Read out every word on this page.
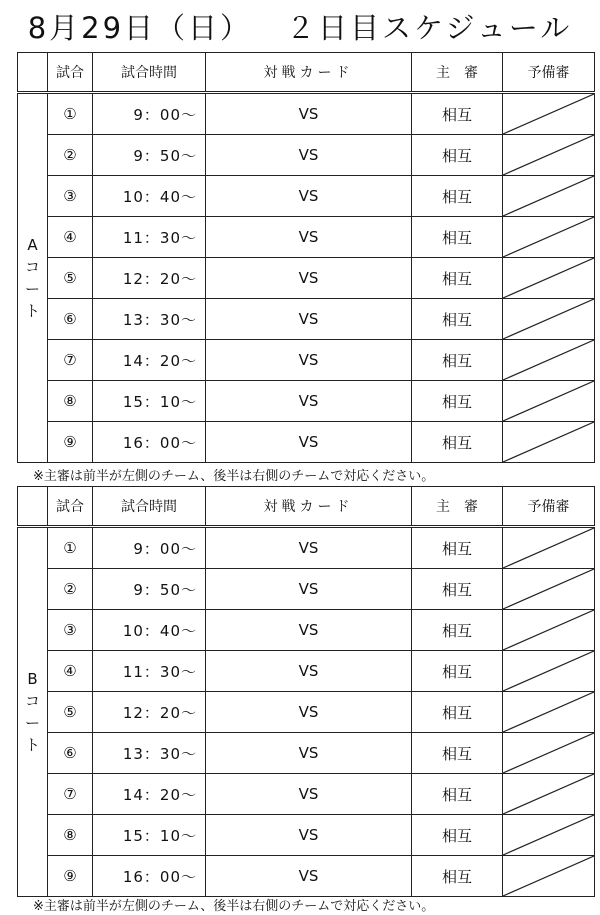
8月29日（日） ２日目スケジュール
	試合	試合時間	対戦カード	主　審	予備審

A
コ
ー
ト	①	9：00～	VS	相互	

	②	9：50～	VS	相互	

	③	10：40～	VS	相互	

	④	11：30～	VS	相互	

	⑤	12：20～	VS	相互	

	⑥	13：30～	VS	相互	

	⑦	14：20～	VS	相互	

	⑧	15：10～	VS	相互	

	⑨	16：00～	VS	相互	
※主審は前半が左側のチーム、後半は右側のチームで対応ください。
	試合	試合時間	対戦カード	主　審	予備審

B
コ
ー
ト	①	9：00～	VS	相互	

	②	9：50～	VS	相互	

	③	10：40～	VS	相互	

	④	11：30～	VS	相互	

	⑤	12：20～	VS	相互	

	⑥	13：30～	VS	相互	

	⑦	14：20～	VS	相互	

	⑧	15：10～	VS	相互	

	⑨	16：00～	VS	相互	
※主審は前半が左側のチーム、後半は右側のチームで対応ください。
